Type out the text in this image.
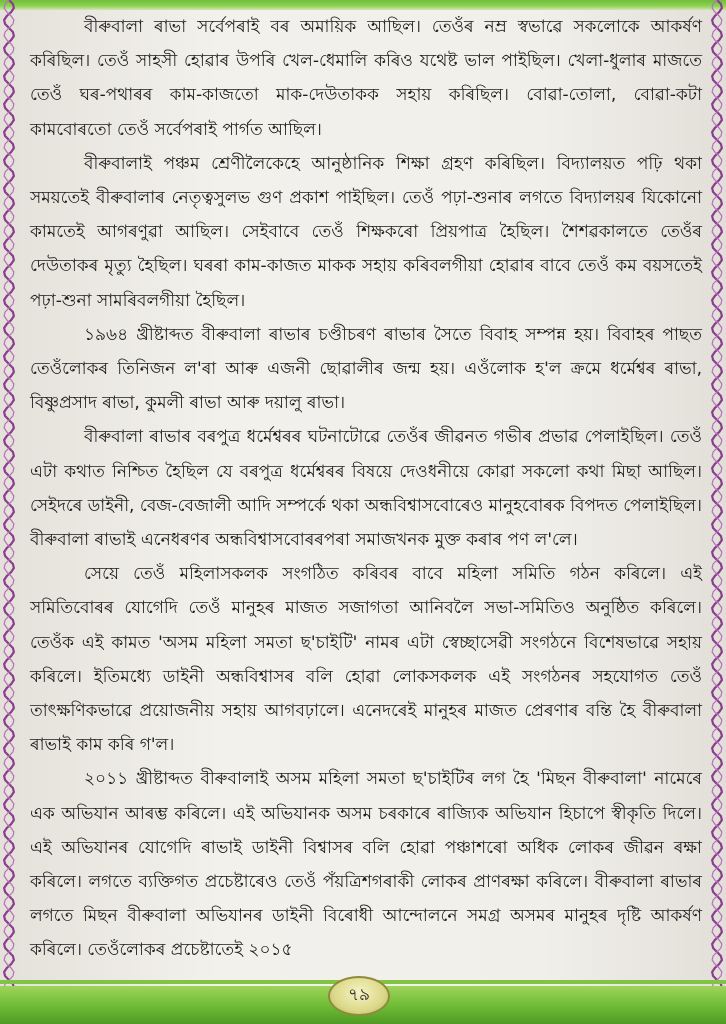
বীৰুবালা ৰাভা সৰ্বেপৰাই বৰ অমায়িক আছিল। তেওঁৰ নম্ৰ স্বভাৱে সকলোকে আকৰ্ষণ কৰিছিল। তেওঁ সাহসী হোৱাৰ উপৰি খেল-ধেমালি কৰিও যথেষ্ট ভাল পাইছিল। খেলা-ধুলাৰ মাজতে তেওঁ ঘৰ-পথাৰৰ কাম-কাজতো মাক-দেউতাকক সহায় কৰিছিল। বোৱা-তোলা, বোৱা-কটা কামবোৰতো তেওঁ সৰ্বেপৰাই পাৰ্গত আছিল।

বীৰুবালাই পঞ্চম শ্ৰেণীলৈকেহে আনুষ্ঠানিক শিক্ষা গ্ৰহণ কৰিছিল। বিদ্যালয়ত পঢ়ি থকা সময়তেই বীৰুবালাৰ নেতৃত্বসুলভ গুণ প্ৰকাশ পাইছিল। তেওঁ পঢ়া-শুনাৰ লগতে বিদ্যালয়ৰ যিকোনো কামতেই আগৰণুৱা আছিল। সেইবাবে তেওঁ শিক্ষকৰো প্ৰিয়পাত্ৰ হৈছিল। শৈশৱকালতে তেওঁৰ দেউতাকৰ মৃত্যু হৈছিল। ঘৰৰা কাম-কাজত মাকক সহায় কৰিবলগীয়া হোৱাৰ বাবে তেওঁ কম বয়সতেই পঢ়া-শুনা সামৰিবলগীয়া হৈছিল।

১৯৬৪ খ্ৰীষ্টাব্দত বীৰুবালা ৰাভাৰ চণ্ডীচৰণ ৰাভাৰ সৈতে বিবাহ সম্পন্ন হয়। বিবাহৰ পাছত তেওঁলোকৰ তিনিজন ল'ৰা আৰু এজনী ছোৱালীৰ জন্ম হয়। এওঁলোক হ'ল ক্ৰমে ধৰ্মেশ্বৰ ৰাভা, বিষ্ণুপ্ৰসাদ ৰাভা, কুমলী ৰাভা আৰু দয়ালু ৰাভা।

বীৰুবালা ৰাভাৰ বৰপুত্ৰ ধৰ্মেশ্বৰৰ ঘটনাটোৱে তেওঁৰ জীৱনত গভীৰ প্ৰভাৱ পেলাইছিল। তেওঁ এটা কথাত নিশ্চিত হৈছিল যে বৰপুত্ৰ ধৰ্মেশ্বৰৰ বিষয়ে দেওধনীয়ে কোৱা সকলো কথা মিছা আছিল। সেইদৰে ডাইনী, বেজ-বেজালী আদি সম্পৰ্কে থকা অন্ধবিশ্বাসবোৰেও মানুহবোৰক বিপদত পেলাইছিল। বীৰুবালা ৰাভাই এনেধৰণৰ অন্ধবিশ্বাসবোৰৰপৰা সমাজখনক মুক্ত কৰাৰ পণ ল'লে।

সেয়ে তেওঁ মহিলাসকলক সংগঠিত কৰিবৰ বাবে মহিলা সমিতি গঠন কৰিলে। এই সমিতিবোৰৰ যোগেদি তেওঁ মানুহৰ মাজত সজাগতা আনিবলৈ সভা-সমিতিও অনুষ্ঠিত কৰিলে। তেওঁক এই কামত 'অসম মহিলা সমতা ছ'চাইটি' নামৰ এটা স্বেচ্ছাসেৱী সংগঠনে বিশেষভাৱে সহায় কৰিলে। ইতিমধ্যে ডাইনী অন্ধবিশ্বাসৰ বলি হোৱা লোকসকলক এই সংগঠনৰ সহযোগত তেওঁ তাৎক্ষণিকভাৱে প্ৰয়োজনীয় সহায় আগবঢ়ালে। এনেদৰেই মানুহৰ মাজত প্ৰেৰণাৰ বন্তি হৈ বীৰুবালা ৰাভাই কাম কৰি গ'ল।

২০১১ খ্ৰীষ্টাব্দত বীৰুবালাই অসম মহিলা সমতা ছ'চাইটিৰ লগ হৈ 'মিছন বীৰুবালা' নামেৰে এক অভিযান আৰম্ভ কৰিলে। এই অভিযানক অসম চৰকাৰে ৰাজ্যিক অভিযান হিচাপে স্বীকৃতি দিলে। এই অভিযানৰ যোগেদি ৰাভাই ডাইনী বিশ্বাসৰ বলি হোৱা পঞ্চাশৰো অধিক লোকৰ জীৱন ৰক্ষা কৰিলে। লগতে ব্যক্তিগত প্ৰচেষ্টাৰেও তেওঁ পঁয়ত্ৰিশগৰাকী লোকৰ প্ৰাণৰক্ষা কৰিলে। বীৰুবালা ৰাভাৰ লগতে মিছন বীৰুবালা অভিযানৰ ডাইনী বিৰোধী আন্দোলনে সমগ্ৰ অসমৰ মানুহৰ দৃষ্টি আকৰ্ষণ কৰিলে। তেওঁলোকৰ প্ৰচেষ্টাতেই ২০১৫

৭৯
